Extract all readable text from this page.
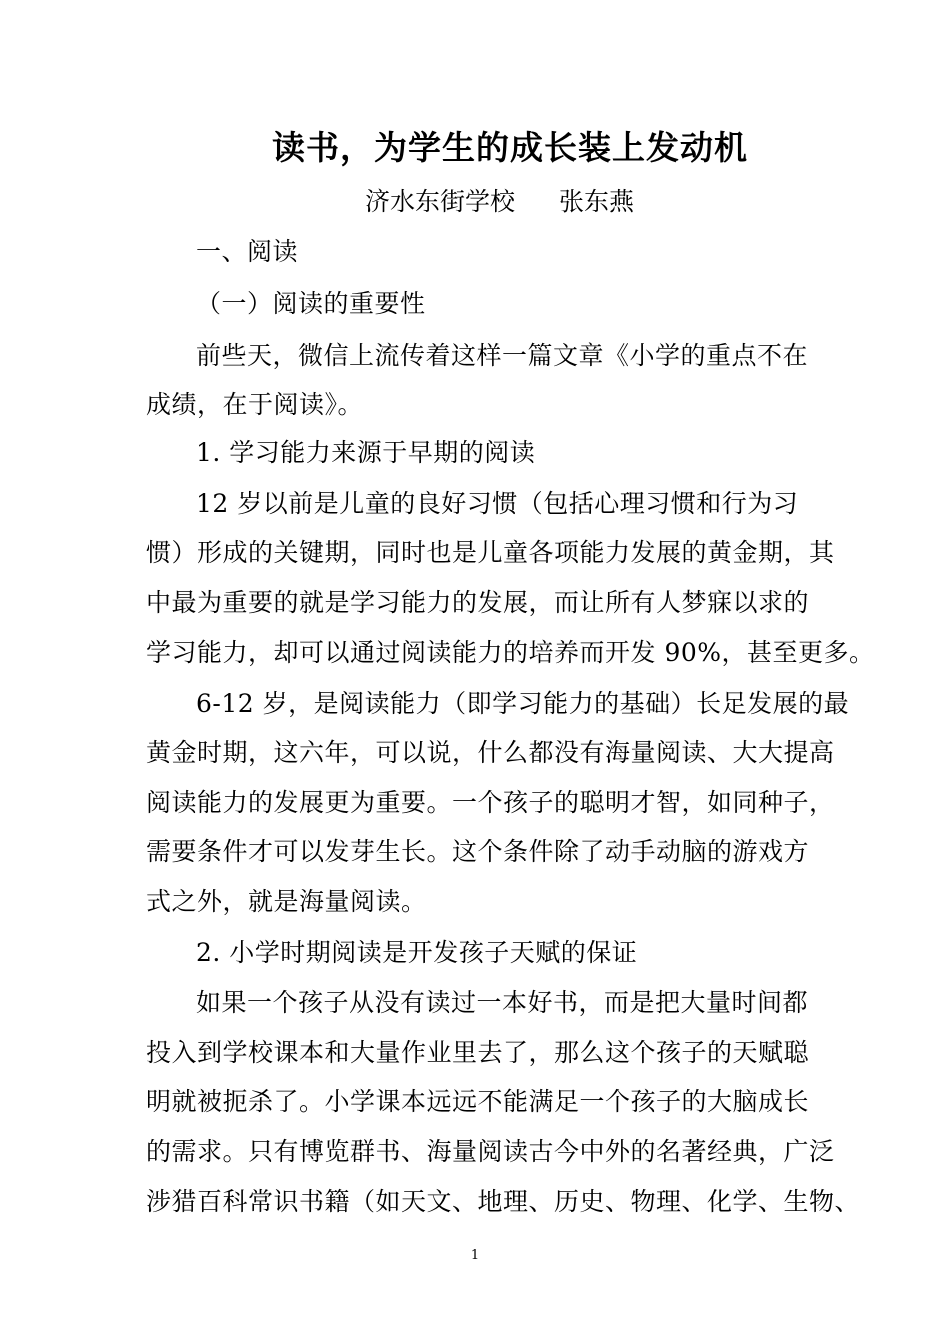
读书，为学生的成长装上发动机
济水东街学校 张东燕
一、阅读
（一）阅读的重要性
前些天，微信上流传着这样一篇文章《小学的重点不在
成绩，在于阅读》。
1. 学习能力来源于早期的阅读
12 岁以前是儿童的良好习惯（包括心理习惯和行为习
惯）形成的关键期，同时也是儿童各项能力发展的黄金期，其
中最为重要的就是学习能力的发展，而让所有人梦寐以求的
学习能力，却可以通过阅读能力的培养而开发 90%，甚至更多。
6-12 岁，是阅读能力（即学习能力的基础）长足发展的最
黄金时期，这六年，可以说，什么都没有海量阅读、大大提高
阅读能力的发展更为重要。一个孩子的聪明才智，如同种子，
需要条件才可以发芽生长。这个条件除了动手动脑的游戏方
式之外，就是海量阅读。
2. 小学时期阅读是开发孩子天赋的保证
如果一个孩子从没有读过一本好书，而是把大量时间都
投入到学校课本和大量作业里去了，那么这个孩子的天赋聪
明就被扼杀了。小学课本远远不能满足一个孩子的大脑成长
的需求。只有博览群书、海量阅读古今中外的名著经典，广泛
涉猎百科常识书籍（如天文、地理、历史、物理、化学、生物、
1
